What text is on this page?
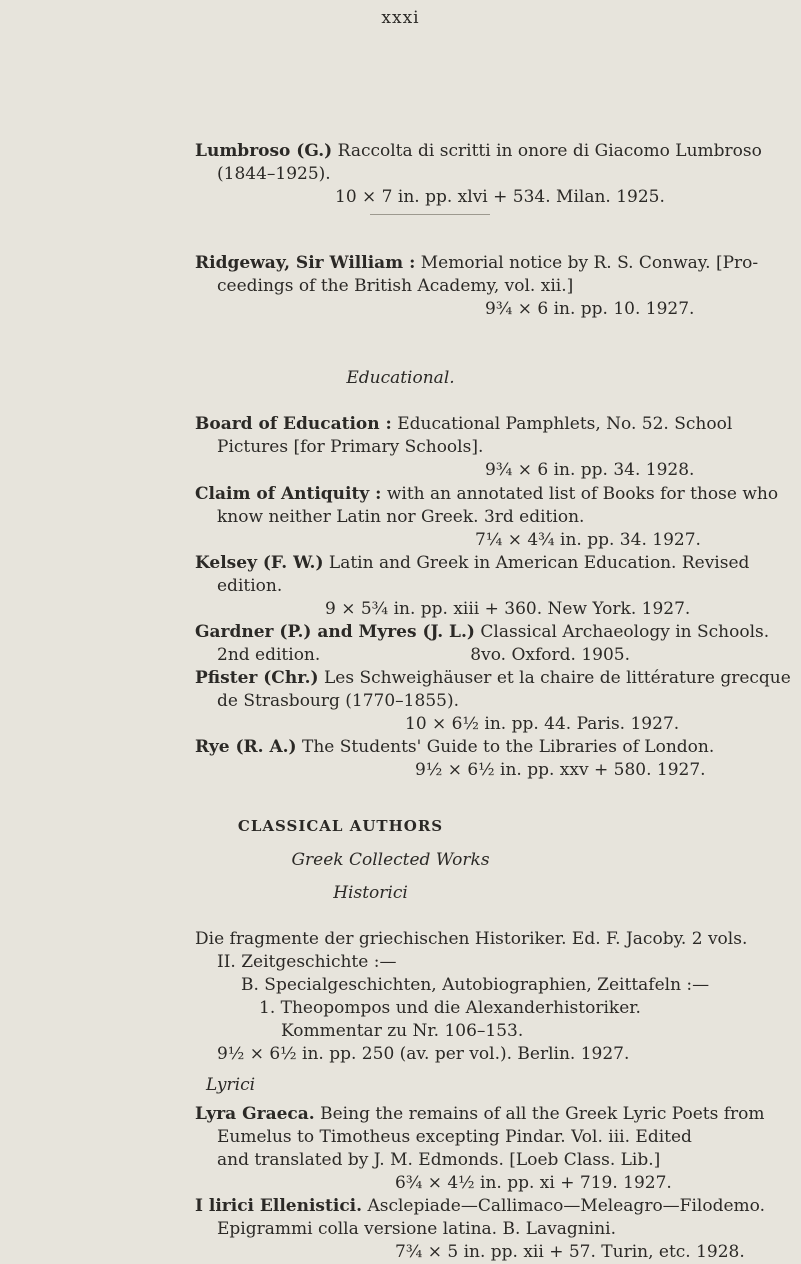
xxxi
Lumbroso (G.) Raccolta di scritti in onore di Giacomo Lumbroso
(1844–1925).
10 × 7 in. pp. xlvi + 534. Milan. 1925.
Ridgeway, Sir William : Memorial notice by R. S. Conway. [Pro-
ceedings of the British Academy, vol. xii.]
9¾ × 6 in. pp. 10. 1927.
Educational.
Board of Education : Educational Pamphlets, No. 52. School
Pictures [for Primary Schools].
9¾ × 6 in. pp. 34. 1928.
Claim of Antiquity : with an annotated list of Books for those who
know neither Latin nor Greek. 3rd edition.
7¼ × 4¾ in. pp. 34. 1927.
Kelsey (F. W.) Latin and Greek in American Education. Revised
edition.
9 × 5¾ in. pp. xiii + 360. New York. 1927.
Gardner (P.) and Myres (J. L.) Classical Archaeology in Schools.
2nd edition.	8vo. Oxford. 1905.
Pfister (Chr.) Les Schweighäuser et la chaire de littérature grecque
de Strasbourg (1770–1855).
10 × 6½ in. pp. 44. Paris. 1927.
Rye (R. A.) The Students' Guide to the Libraries of London.
9½ × 6½ in. pp. xxv + 580. 1927.
CLASSICAL AUTHORS
Greek Collected Works
Historici
Die fragmente der griechischen Historiker. Ed. F. Jacoby. 2 vols.
II. Zeitgeschichte :—
B. Specialgeschichten, Autobiographien, Zeittafeln :—
1. Theopompos und die Alexanderhistoriker.
Kommentar zu Nr. 106–153.
9½ × 6½ in. pp. 250 (av. per vol.). Berlin. 1927.
Lyrici
Lyra Graeca. Being the remains of all the Greek Lyric Poets from
Eumelus to Timotheus excepting Pindar. Vol. iii. Edited
and translated by J. M. Edmonds. [Loeb Class. Lib.]
6¾ × 4½ in. pp. xi + 719. 1927.
I lirici Ellenistici. Asclepiade—Callimaco—Meleagro—Filodemo.
Epigrammi colla versione latina. B. Lavagnini.
7¾ × 5 in. pp. xii + 57. Turin, etc. 1928.
